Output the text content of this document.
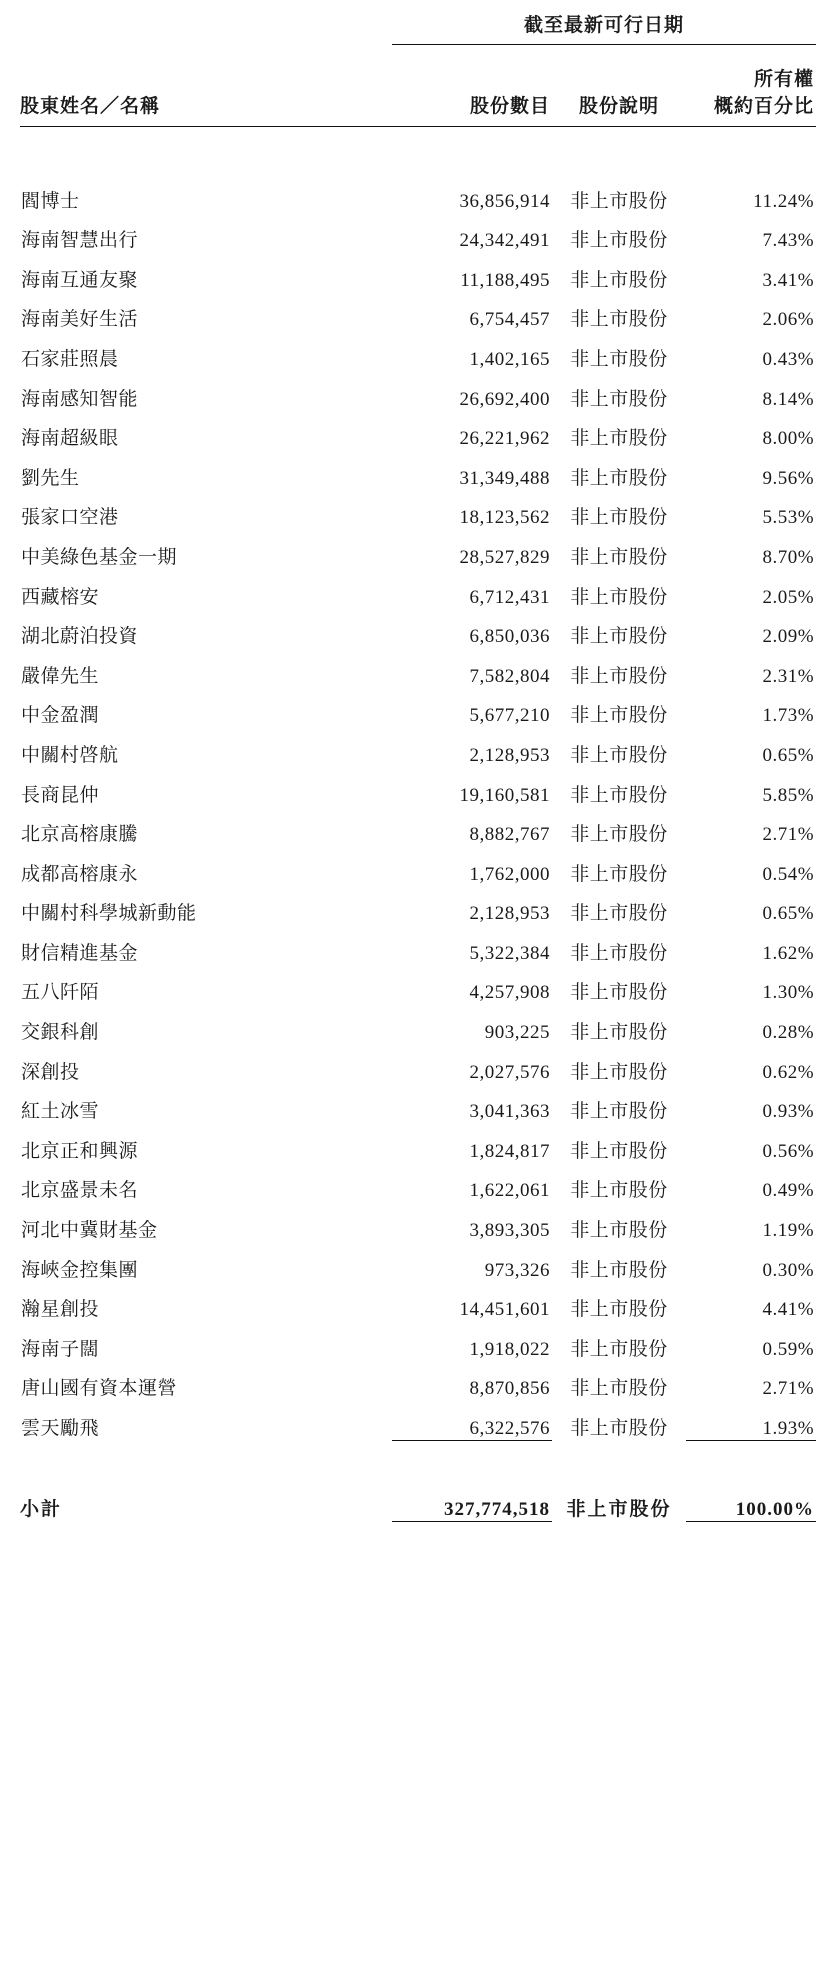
	截至最新可行日期		
			所有權
股東姓名／名稱	股份數目	股份說明	概約百分比

閻博士	36,856,914	非上市股份	11.24%
海南智慧出行	24,342,491	非上市股份	7.43%
海南互通友聚	11,188,495	非上市股份	3.41%
海南美好生活	6,754,457	非上市股份	2.06%
石家莊照晨	1,402,165	非上市股份	0.43%
海南感知智能	26,692,400	非上市股份	8.14%
海南超級眼	26,221,962	非上市股份	8.00%
劉先生	31,349,488	非上市股份	9.56%
張家口空港	18,123,562	非上市股份	5.53%
中美綠色基金一期	28,527,829	非上市股份	8.70%
西藏榕安	6,712,431	非上市股份	2.05%
湖北蔚泊投資	6,850,036	非上市股份	2.09%
嚴偉先生	7,582,804	非上市股份	2.31%
中金盈潤	5,677,210	非上市股份	1.73%
中關村啓航	2,128,953	非上市股份	0.65%
長商昆仲	19,160,581	非上市股份	5.85%
北京高榕康騰	8,882,767	非上市股份	2.71%
成都高榕康永	1,762,000	非上市股份	0.54%
中關村科學城新動能	2,128,953	非上市股份	0.65%
財信精進基金	5,322,384	非上市股份	1.62%
五八阡陌	4,257,908	非上市股份	1.30%
交銀科創	903,225	非上市股份	0.28%
深創投	2,027,576	非上市股份	0.62%
紅土冰雪	3,041,363	非上市股份	0.93%
北京正和興源	1,824,817	非上市股份	0.56%
北京盛景未名	1,622,061	非上市股份	0.49%
河北中冀財基金	3,893,305	非上市股份	1.19%
海峽金控集團	973,326	非上市股份	0.30%
瀚星創投	14,451,601	非上市股份	4.41%
海南子闊	1,918,022	非上市股份	0.59%
唐山國有資本運營	8,870,856	非上市股份	2.71%
雲天勵飛	6,322,576	非上市股份	1.93%

小計	327,774,518	非上市股份	100.00%
